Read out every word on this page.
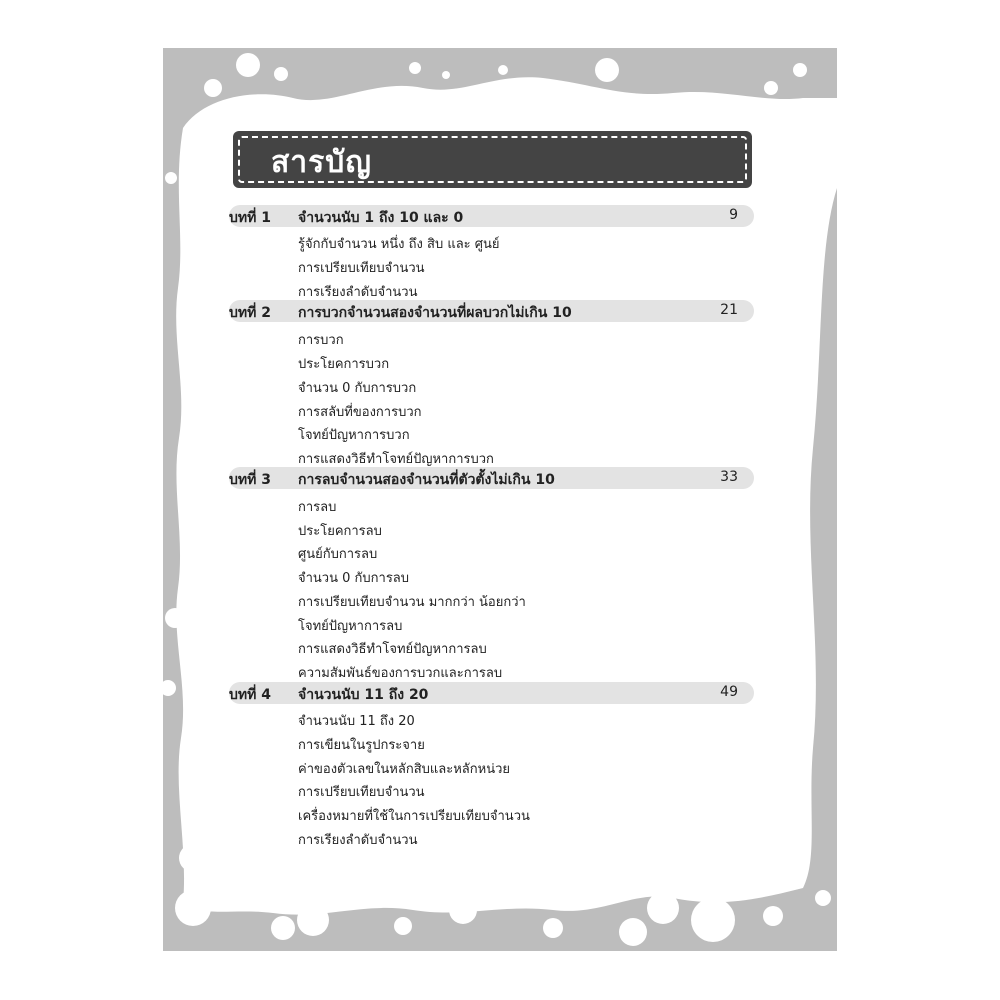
สารบัญ
บทที่ 1 จำนวนนับ 1 ถึง 10 และ 0	9
รู้จักกับจำนวน หนึ่ง ถึง สิบ และ ศูนย์
การเปรียบเทียบจำนวน
การเรียงลำดับจำนวน
บทที่ 2 การบวกจำนวนสองจำนวนที่ผลบวกไม่เกิน 10	21
การบวก
ประโยคการบวก
จำนวน 0 กับการบวก
การสลับที่ของการบวก
โจทย์ปัญหาการบวก
การแสดงวิธีทำโจทย์ปัญหาการบวก
บทที่ 3 การลบจำนวนสองจำนวนที่ตัวตั้งไม่เกิน 10	33
การลบ
ประโยคการลบ
ศูนย์กับการลบ
จำนวน 0 กับการลบ
การเปรียบเทียบจำนวน มากกว่า น้อยกว่า
โจทย์ปัญหาการลบ
การแสดงวิธีทำโจทย์ปัญหาการลบ
ความสัมพันธ์ของการบวกและการลบ
บทที่ 4 จำนวนนับ 11 ถึง 20	49
จำนวนนับ 11 ถึง 20
การเขียนในรูปกระจาย
ค่าของตัวเลขในหลักสิบและหลักหน่วย
การเปรียบเทียบจำนวน
เครื่องหมายที่ใช้ในการเปรียบเทียบจำนวน
การเรียงลำดับจำนวน
